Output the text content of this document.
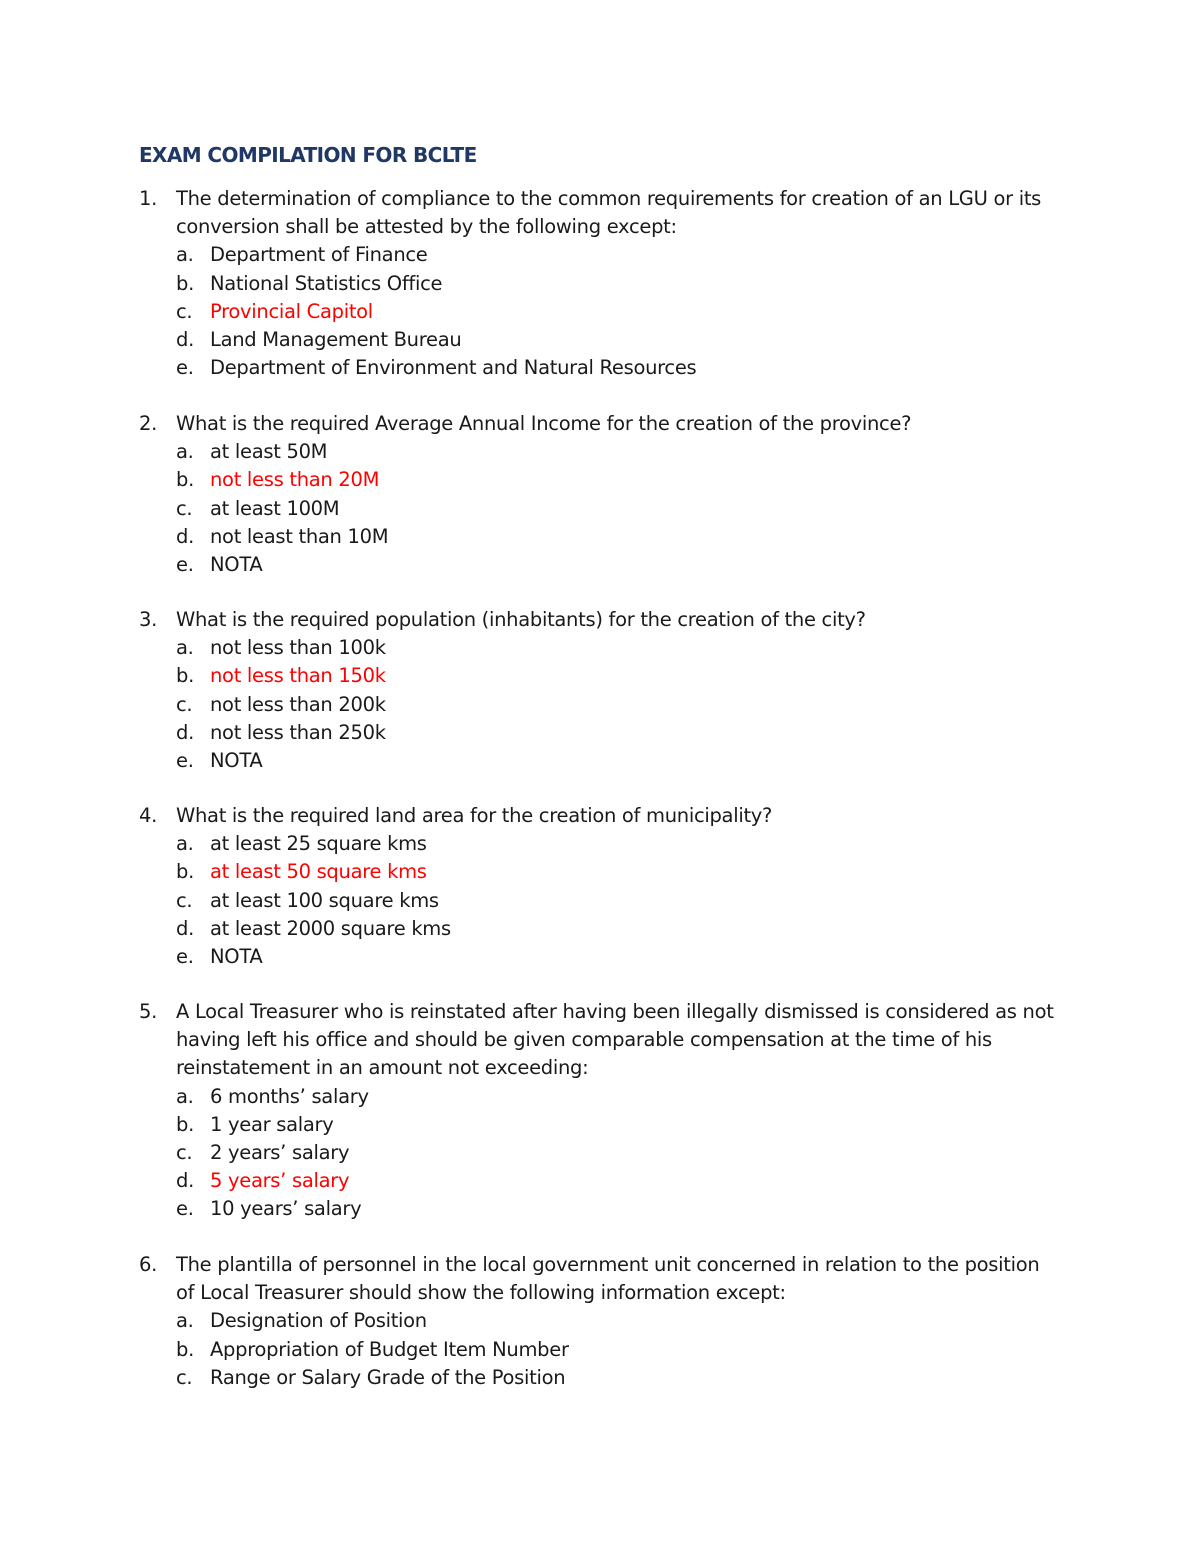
EXAM COMPILATION FOR BCLTE
1. The determination of compliance to the common requirements for creation of an LGU or its
conversion shall be attested by the following except:
a. Department of Finance
b. National Statistics Office
c. Provincial Capitol
d. Land Management Bureau
e. Department of Environment and Natural Resources
2. What is the required Average Annual Income for the creation of the province?
a. at least 50M
b. not less than 20M
c. at least 100M
d. not least than 10M
e. NOTA
3. What is the required population (inhabitants) for the creation of the city?
a. not less than 100k
b. not less than 150k
c. not less than 200k
d. not less than 250k
e. NOTA
4. What is the required land area for the creation of municipality?
a. at least 25 square kms
b. at least 50 square kms
c. at least 100 square kms
d. at least 2000 square kms
e. NOTA
5. A Local Treasurer who is reinstated after having been illegally dismissed is considered as not
having left his office and should be given comparable compensation at the time of his
reinstatement in an amount not exceeding:
a. 6 months’ salary
b. 1 year salary
c. 2 years’ salary
d. 5 years’ salary
e. 10 years’ salary
6. The plantilla of personnel in the local government unit concerned in relation to the position
of Local Treasurer should show the following information except:
a. Designation of Position
b. Appropriation of Budget Item Number
c. Range or Salary Grade of the Position
